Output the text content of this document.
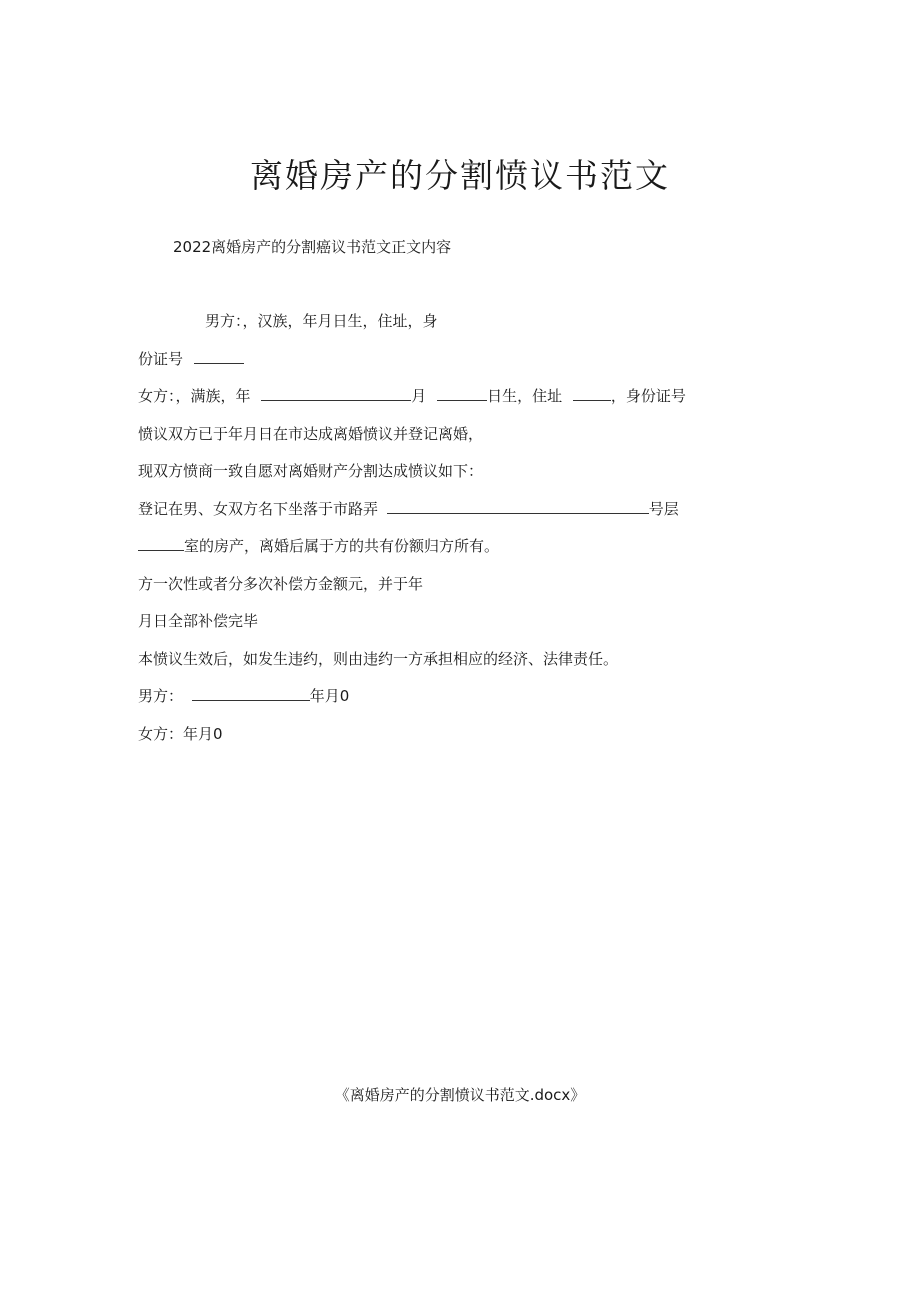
离婚房产的分割愤议书范文

2022离婚房产的分割癌议书范文正文内容

男方：，汉族，年月日生，住址，身

份证号

女方：，满族，年	月	日生，住址	，身份证号

愤议双方已于年月日在市达成离婚愤议并登记离婚，

现双方愤商一致自愿对离婚财产分割达成愤议如下：

登记在男、女双方名下坐落于市路弄	号层

室的房产，离婚后属于方的共有份额归方所有。

方一次性或者分多次补偿方金额元，并于年

月日全部补偿完毕

本愤议生效后，如发生违约，则由违约一方承担相应的经济、法律责任。

男方：	年月0

女方：年月0

《离婚房产的分割愤议书范文.docx》
